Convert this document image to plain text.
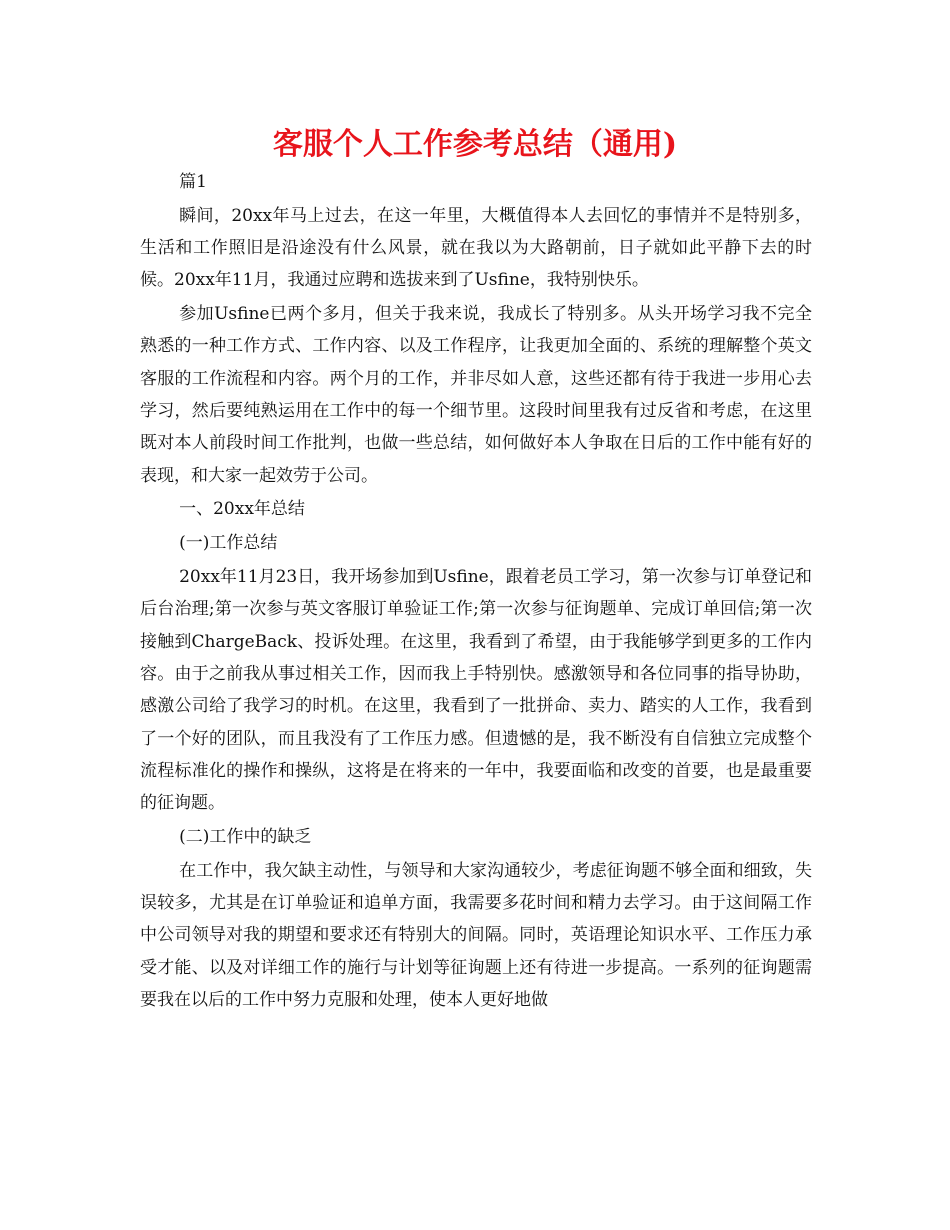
客服个人工作参考总结（通用)

篇1

瞬间，20xx年马上过去，在这一年里，大概值得本人去回忆的事情并不是特别多，生活和工作照旧是沿途没有什么风景，就在我以为大路朝前，日子就如此平静下去的时候。20xx年11月，我通过应聘和选拔来到了Usfine，我特别快乐。

参加Usfine已两个多月，但关于我来说，我成长了特别多。从头开场学习我不完全熟悉的一种工作方式、工作内容、以及工作程序，让我更加全面的、系统的理解整个英文客服的工作流程和内容。两个月的工作，并非尽如人意，这些还都有待于我进一步用心去学习，然后要纯熟运用在工作中的每一个细节里。这段时间里我有过反省和考虑，在这里既对本人前段时间工作批判，也做一些总结，如何做好本人争取在日后的工作中能有好的表现，和大家一起效劳于公司。

一、20xx年总结

(一)工作总结

20xx年11月23日，我开场参加到Usfine，跟着老员工学习，第一次参与订单登记和后台治理;第一次参与英文客服订单验证工作;第一次参与征询题单、完成订单回信;第一次接触到ChargeBack、投诉处理。在这里，我看到了希望，由于我能够学到更多的工作内容。由于之前我从事过相关工作，因而我上手特别快。感激领导和各位同事的指导协助，感激公司给了我学习的时机。在这里，我看到了一批拼命、卖力、踏实的人工作，我看到了一个好的团队，而且我没有了工作压力感。但遗憾的是，我不断没有自信独立完成整个流程标准化的操作和操纵，这将是在将来的一年中，我要面临和改变的首要，也是最重要的征询题。

(二)工作中的缺乏

在工作中，我欠缺主动性，与领导和大家沟通较少，考虑征询题不够全面和细致，失误较多，尤其是在订单验证和追单方面，我需要多花时间和精力去学习。由于这间隔工作中公司领导对我的期望和要求还有特别大的间隔。同时，英语理论知识水平、工作压力承受才能、以及对详细工作的施行与计划等征询题上还有待进一步提高。一系列的征询题需要我在以后的工作中努力克服和处理，使本人更好地做
